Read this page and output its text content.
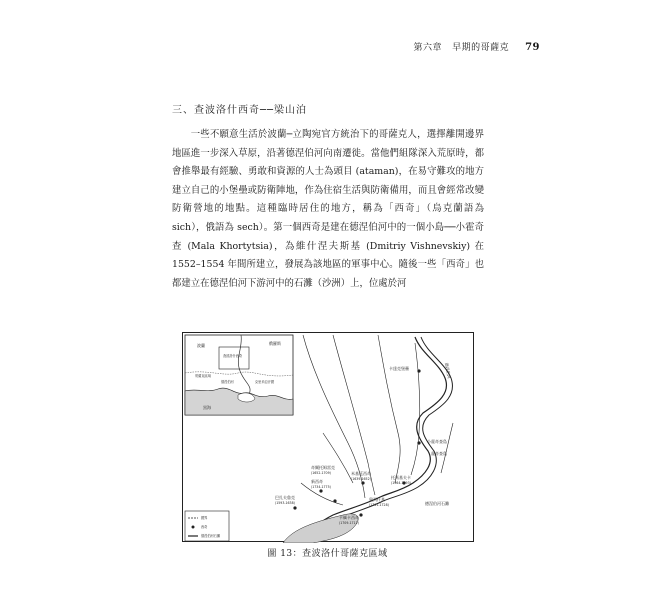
第六章 早期的哥薩克 79
三、查波洛什西奇──梁山泊

一些不願意生活於波蘭─立陶宛官方統治下的哥薩克人，選擇離開邊界地區進一步深入草原，沿著德涅伯河向南遷徙。當他們組隊深入荒原時，都會推舉最有經驗、勇敢和資源的人士為頭目 (ataman)，在易守難攻的地方建立自己的小堡壘或防衛陣地，作為住宿生活與防衛備用，而且會經常改變防衛營地的地點。這種臨時居住的地方，稱為「西奇」（烏克蘭語為 sich），俄語為 sech）。第一個西奇是建在德涅伯河中的一個小島──小霍奇查 (Mala Khortytsia)，為維什涅夫斯基 (Dmitriy Vishnevskiy) 在 1552–1554 年間所建立，發展為該地區的軍事中心。隨後一些「西奇」也都建立在德涅伯河下游河中的石灘（沙洲）上，位處於河

波蘭	俄羅斯
查波洛什西奇
哥薩克區域
德涅伯河	克里米亞汗國
黑海
卡達克堡壘	德涅伯河
小霍奇查島
霍奇查島
托馬基夫卡
(1564-1593)
米基廷西奇
(1639-1652)
奇爾托姆雷克
(1652-1709)
新西奇
(1734-1775)
巴扎夫魯克
(1593-1638)
卡緬卡西奇
(1709-1711)
奧列什基
(1711-1728)	德涅伯河石灘
國界
西奇
德涅伯河石灘
圖 13：查波洛什哥薩克區域
